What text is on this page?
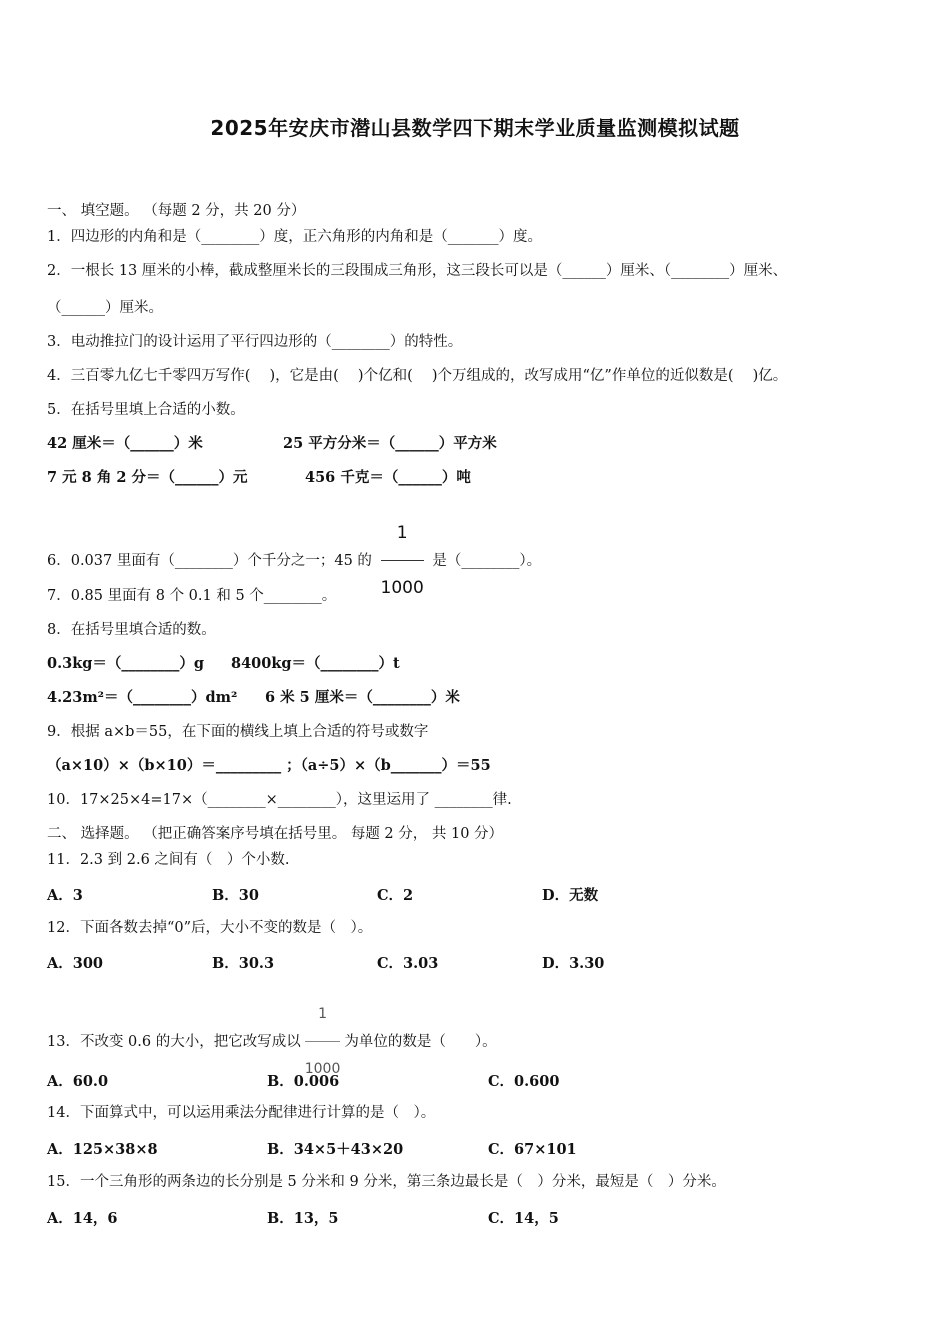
2025年安庆市潜山县数学四下期末学业质量监测模拟试题
一、 填空题。 （每题 2 分，共 20 分）
1．四边形的内角和是（________）度，正六角形的内角和是（_______）度。
2．一根长 13 厘米的小棒，截成整厘米长的三段围成三角形，这三段长可以是（______）厘米、（________）厘米、
（______）厘米。
3．电动推拉门的设计运用了平行四边形的（________）的特性。
4．三百零九亿七千零四万写作(　 )，它是由(　 )个亿和(　 )个万组成的，改写成用“亿”作单位的近似数是(　 )亿。
5．在括号里填上合适的小数。
42 厘米＝（______）米	25 平方分米＝（______）平方米
7 元 8 角 2 分＝（______）元	456 千克＝（______）吨
6．0.037 里面有（________）个千分之一；45 的 $\frac{1}{1000}$ 是（________）。
7．0.85 里面有 8 个 0.1 和 5 个________。
8．在括号里填合适的数。
0.3kg＝（________）g 8400kg＝（________）t
4.23m²＝（________）dm² 6 米 5 厘米＝（________）米
9．根据 a×b＝55，在下面的横线上填上合适的符号或数字
（a×10）×（b×10）＝_________ ；（a÷5）×（b_______）＝55
10．17×25×4=17×（________×________），这里运用了 ________律.
二、 选择题。 （把正确答案序号填在括号里。 每题 2 分， 共 10 分）
11．2.3 到 2.6 之间有（　）个小数.
A．3	B．30	C．2	D．无数
12．下面各数去掉“0”后，大小不变的数是（　）。
A．300	B．30.3	C．3.03	D．3.30
13．不改变 0.6 的大小，把它改写成以 $\frac{1}{1000}$ 为单位的数是（　　）。
A．60.0	B．0.006	C．0.600
14．下面算式中，可以运用乘法分配律进行计算的是（　）。
A．125×38×8	B．34×5＋43×20	C．67×101
15．一个三角形的两条边的长分别是 5 分米和 9 分米，第三条边最长是（　）分米，最短是（　）分米。
A．14，6	B．13，5	C．14，5
